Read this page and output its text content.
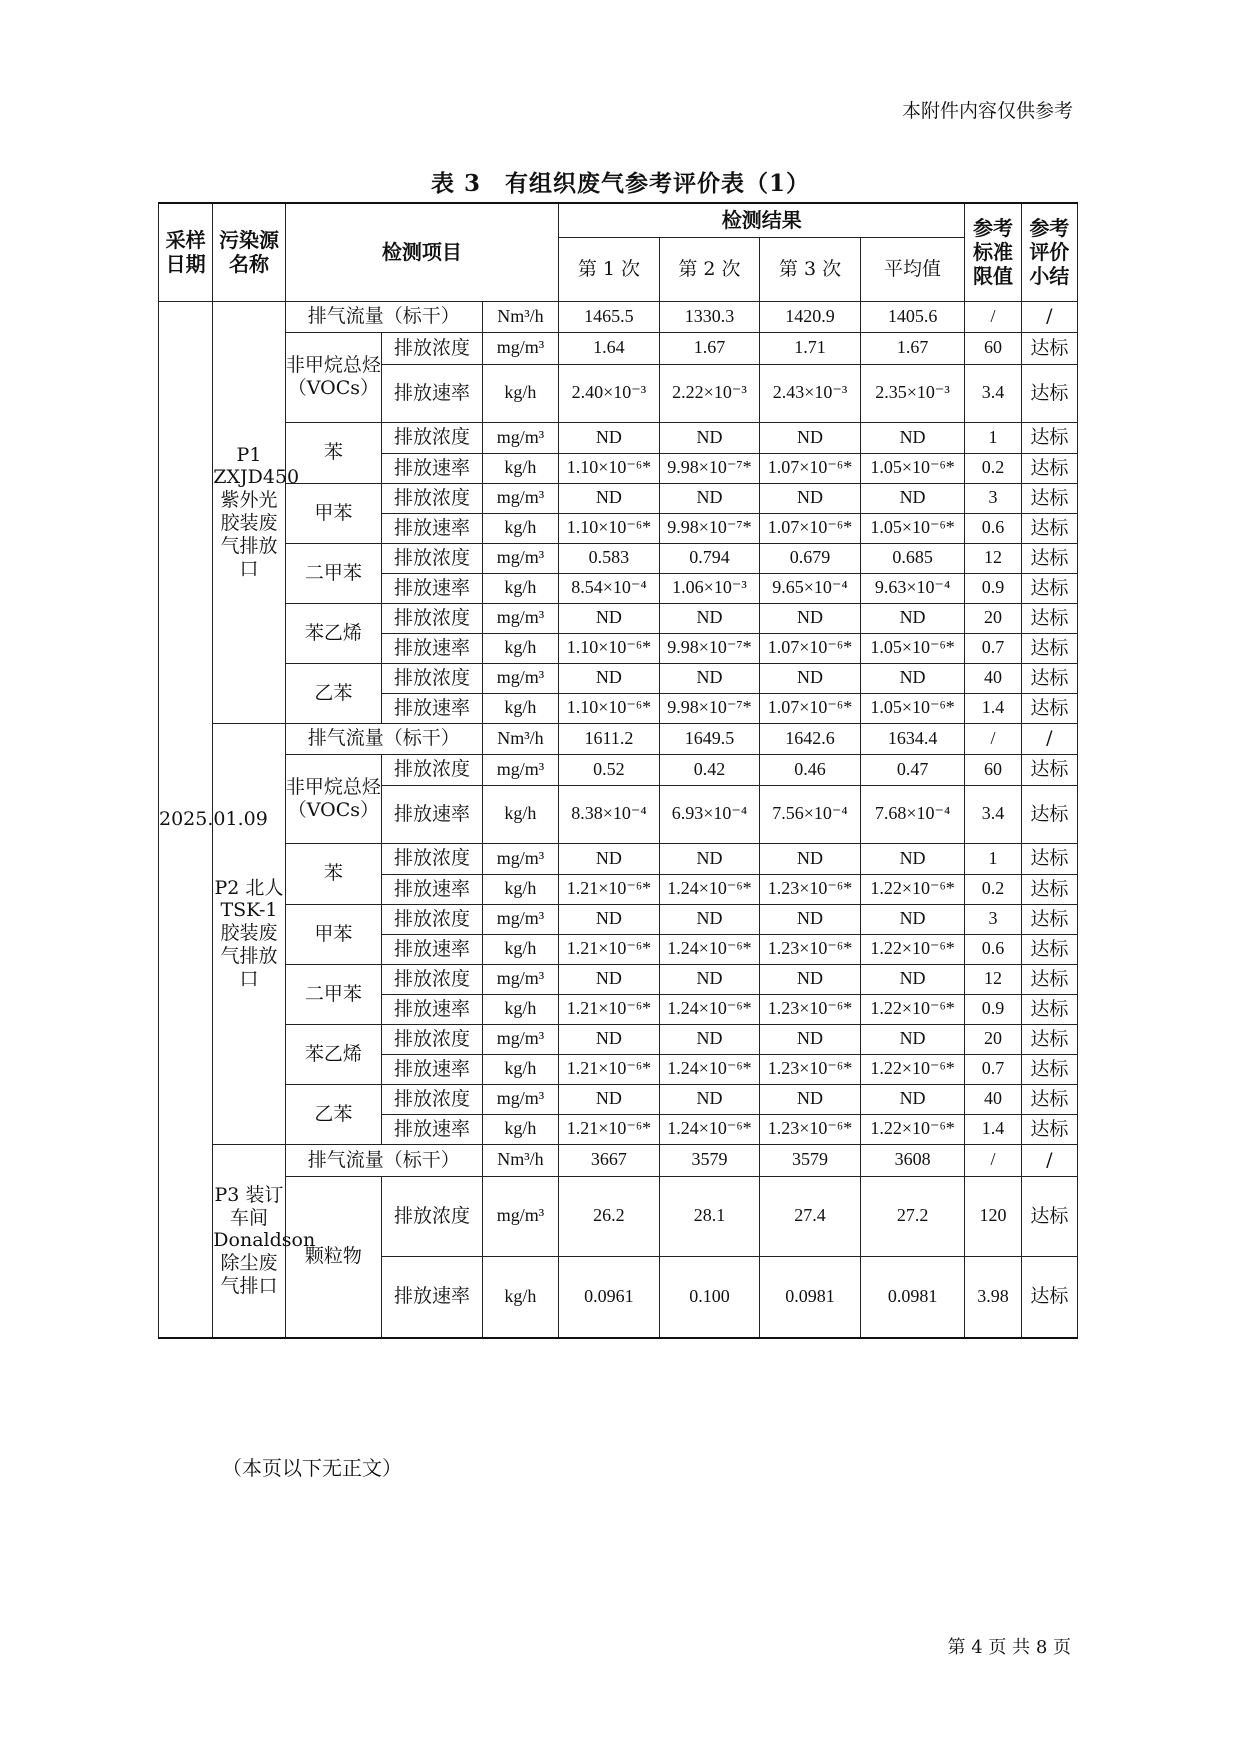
本附件内容仅供参考
表 3　有组织废气参考评价表（1）
采样日期	污染源名称	检测项目			检测结果				参考标准限值	参考评价小结
					第 1 次	第 2 次	第 3 次	平均值		
2025.01.09	P1 ZXJD450 紫外光胶装废气排放口	排气流量（标干）		Nm³/h	1465.5	1330.3	1420.9	1405.6	/	/
		非甲烷总烃（VOCs）	排放浓度	mg/m³	1.64	1.67	1.71	1.67	60	达标
			排放速率	kg/h	2.40×10⁻³	2.22×10⁻³	2.43×10⁻³	2.35×10⁻³	3.4	达标
		苯	排放浓度	mg/m³	ND	ND	ND	ND	1	达标
			排放速率	kg/h	1.10×10⁻⁶*	9.98×10⁻⁷*	1.07×10⁻⁶*	1.05×10⁻⁶*	0.2	达标
		甲苯	排放浓度	mg/m³	ND	ND	ND	ND	3	达标
			排放速率	kg/h	1.10×10⁻⁶*	9.98×10⁻⁷*	1.07×10⁻⁶*	1.05×10⁻⁶*	0.6	达标
		二甲苯	排放浓度	mg/m³	0.583	0.794	0.679	0.685	12	达标
			排放速率	kg/h	8.54×10⁻⁴	1.06×10⁻³	9.65×10⁻⁴	9.63×10⁻⁴	0.9	达标
		苯乙烯	排放浓度	mg/m³	ND	ND	ND	ND	20	达标
			排放速率	kg/h	1.10×10⁻⁶*	9.98×10⁻⁷*	1.07×10⁻⁶*	1.05×10⁻⁶*	0.7	达标
		乙苯	排放浓度	mg/m³	ND	ND	ND	ND	40	达标
			排放速率	kg/h	1.10×10⁻⁶*	9.98×10⁻⁷*	1.07×10⁻⁶*	1.05×10⁻⁶*	1.4	达标
	P2 北人 TSK-1 胶装废气排放口	排气流量（标干）		Nm³/h	1611.2	1649.5	1642.6	1634.4	/	/
		非甲烷总烃（VOCs）	排放浓度	mg/m³	0.52	0.42	0.46	0.47	60	达标
			排放速率	kg/h	8.38×10⁻⁴	6.93×10⁻⁴	7.56×10⁻⁴	7.68×10⁻⁴	3.4	达标
		苯	排放浓度	mg/m³	ND	ND	ND	ND	1	达标
			排放速率	kg/h	1.21×10⁻⁶*	1.24×10⁻⁶*	1.23×10⁻⁶*	1.22×10⁻⁶*	0.2	达标
		甲苯	排放浓度	mg/m³	ND	ND	ND	ND	3	达标
			排放速率	kg/h	1.21×10⁻⁶*	1.24×10⁻⁶*	1.23×10⁻⁶*	1.22×10⁻⁶*	0.6	达标
		二甲苯	排放浓度	mg/m³	ND	ND	ND	ND	12	达标
			排放速率	kg/h	1.21×10⁻⁶*	1.24×10⁻⁶*	1.23×10⁻⁶*	1.22×10⁻⁶*	0.9	达标
		苯乙烯	排放浓度	mg/m³	ND	ND	ND	ND	20	达标
			排放速率	kg/h	1.21×10⁻⁶*	1.24×10⁻⁶*	1.23×10⁻⁶*	1.22×10⁻⁶*	0.7	达标
		乙苯	排放浓度	mg/m³	ND	ND	ND	ND	40	达标
			排放速率	kg/h	1.21×10⁻⁶*	1.24×10⁻⁶*	1.23×10⁻⁶*	1.22×10⁻⁶*	1.4	达标
	P3 装订车间 Donaldson 除尘废气排口	排气流量（标干）		Nm³/h	3667	3579	3579	3608	/	/
		颗粒物	排放浓度	mg/m³	26.2	28.1	27.4	27.2	120	达标
			排放速率	kg/h	0.0961	0.100	0.0981	0.0981	3.98	达标
（本页以下无正文）
第 4 页 共 8 页
